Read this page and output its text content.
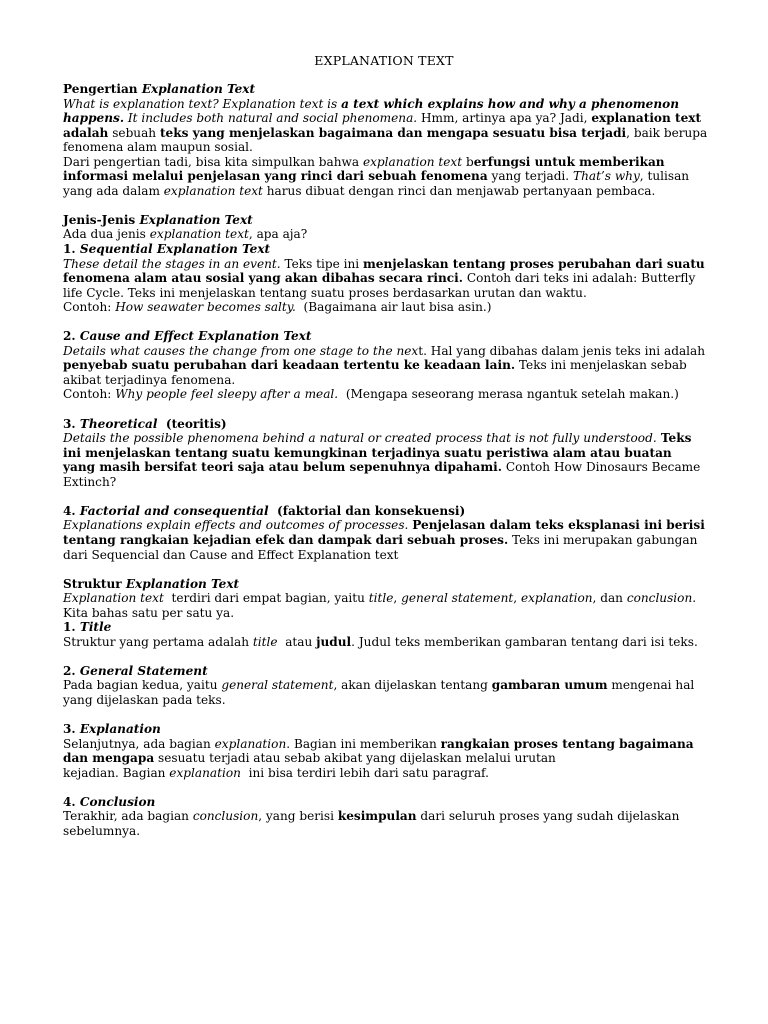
EXPLANATION TEXT

Pengertian Explanation Text

What is explanation text? Explanation text is a text which explains how and why a phenomenon happens. It includes both natural and social phenomena. Hmm, artinya apa ya? Jadi, explanation text adalah sebuah teks yang menjelaskan bagaimana dan mengapa sesuatu bisa terjadi, baik berupa fenomena alam maupun sosial.

Dari pengertian tadi, bisa kita simpulkan bahwa explanation text berfungsi untuk memberikan informasi melalui penjelasan yang rinci dari sebuah fenomena yang terjadi. That’s why, tulisan yang ada dalam explanation text harus dibuat dengan rinci dan menjawab pertanyaan pembaca.

Jenis-Jenis Explanation Text

Ada dua jenis explanation text, apa aja?

1. Sequential Explanation Text

These detail the stages in an event. Teks tipe ini menjelaskan tentang proses perubahan dari suatu fenomena alam atau sosial yang akan dibahas secara rinci. Contoh dari teks ini adalah: Butterfly life Cycle. Teks ini menjelaskan tentang suatu proses berdasarkan urutan dan waktu.

Contoh: How seawater becomes salty.  (Bagaimana air laut bisa asin.)

2. Cause and Effect Explanation Text

Details what causes the change from one stage to the next. Hal yang dibahas dalam jenis teks ini adalah penyebab suatu perubahan dari keadaan tertentu ke keadaan lain. Teks ini menjelaskan sebab akibat terjadinya fenomena.

Contoh: Why people feel sleepy after a meal.  (Mengapa seseorang merasa ngantuk setelah makan.)

3. Theoretical  (teoritis)

Details the possible phenomena behind a natural or created process that is not fully understood. Teks ini menjelaskan tentang suatu kemungkinan terjadinya suatu peristiwa alam atau buatan yang masih bersifat teori saja atau belum sepenuhnya dipahami. Contoh How Dinosaurs Became Extinch?

4. Factorial and consequential  (faktorial dan konsekuensi)

Explanations explain effects and outcomes of processes. Penjelasan dalam teks eksplanasi ini berisi tentang rangkaian kejadian efek dan dampak dari sebuah proses. Teks ini merupakan gabungan dari Sequencial dan Cause and Effect Explanation text

Struktur Explanation Text

Explanation text  terdiri dari empat bagian, yaitu title, general statement, explanation, dan conclusion. Kita bahas satu per satu ya.

1. Title

Struktur yang pertama adalah title  atau judul. Judul teks memberikan gambaran tentang dari isi teks.

2. General Statement

Pada bagian kedua, yaitu general statement, akan dijelaskan tentang gambaran umum mengenai hal yang dijelaskan pada teks.

3. Explanation

Selanjutnya, ada bagian explanation. Bagian ini memberikan rangkaian proses tentang bagaimana dan mengapa sesuatu terjadi atau sebab akibat yang dijelaskan melalui urutan

kejadian. Bagian explanation  ini bisa terdiri lebih dari satu paragraf.

4. Conclusion

Terakhir, ada bagian conclusion, yang berisi kesimpulan dari seluruh proses yang sudah dijelaskan sebelumnya.
